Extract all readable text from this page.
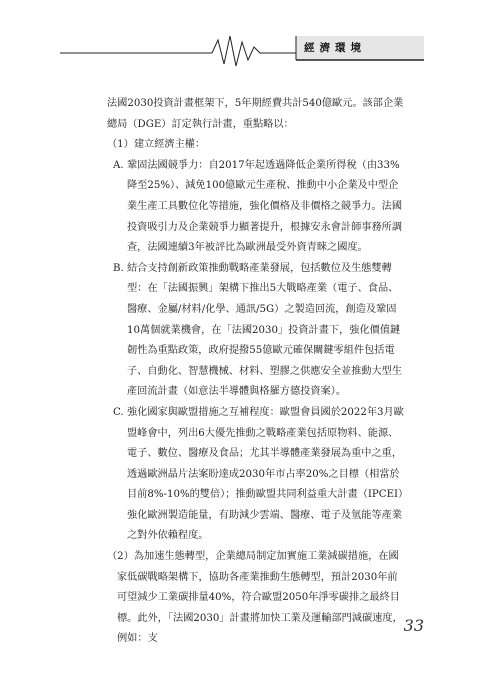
經濟環境

法國2030投資計畫框架下，5年期經費共計540億歐元。該部企業總局（DGE）訂定執行計畫，重點略以：

（1）建立經濟主權：

A. 鞏固法國競爭力：自2017年起透過降低企業所得稅（由33%降至25%）、減免100億歐元生產稅、推動中小企業及中型企業生產工具數位化等措施，強化價格及非價格之競爭力。法國投資吸引力及企業競爭力顯著提升，根據安永會計師事務所調查，法國連續3年被評比為歐洲最受外資青睞之國度。

B. 結合支持創新政策推動戰略產業發展，包括數位及生態雙轉型：在「法國振興」架構下推出5大戰略產業（電子、食品、醫療、金屬/材料/化學、通訊/5G）之製造回流，創造及鞏固10萬個就業機會，在「法國2030」投資計畫下，強化價值鏈韌性為重點政策，政府提撥55億歐元確保關鍵零組件包括電子、自動化、智慧機械、材料、塑膠之供應安全並推動大型生產回流計畫（如意法半導體與格羅方德投資案）。

C. 強化國家與歐盟措施之互補程度：歐盟會員國於2022年3月歐盟峰會中，列出6大優先推動之戰略產業包括原物料、能源、電子、數位、醫療及食品；尤其半導體產業發展為重中之重，透過歐洲晶片法案盼達成2030年市占率20%之目標（相當於目前8%-10%的雙倍）；推動歐盟共同利益重大計畫（IPCEI）強化歐洲製造能量，有助減少雲端、醫療、電子及氫能等產業之對外依賴程度。

（2）為加速生態轉型，企業總局制定加實施工業減碳措施，在國家低碳戰略架構下，協助各產業推動生態轉型，預計2030年前可望減少工業碳排量40%，符合歐盟2050年淨零碳排之最終目標。此外，「法國2030」計畫將加快工業及運輸部門減碳速度，例如：支

33
